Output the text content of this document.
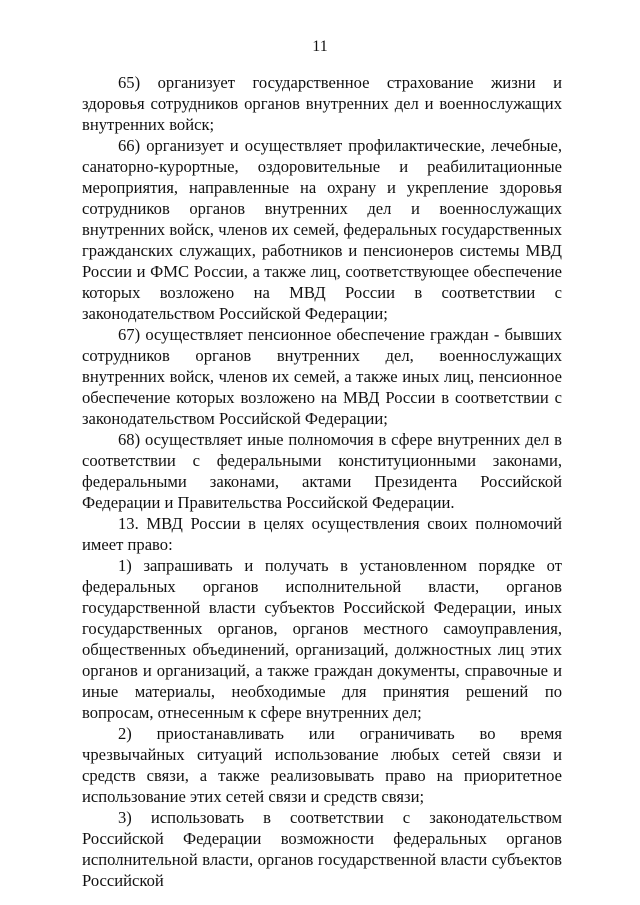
11

65) организует государственное страхование жизни и здоровья сотрудников органов внутренних дел и военнослужащих внутренних войск;

66) организует и осуществляет профилактические, лечебные, санаторно-курортные, оздоровительные и реабилитационные мероприятия, направленные на охрану и укрепление здоровья сотрудников органов внутренних дел и военнослужащих внутренних войск, членов их семей, федеральных государственных гражданских служащих, работников и пенсионеров системы МВД России и ФМС России, а также лиц, соответствующее обеспечение которых возложено на МВД России в соответствии с законодательством Российской Федерации;

67) осуществляет пенсионное обеспечение граждан - бывших сотрудников органов внутренних дел, военнослужащих внутренних войск, членов их семей, а также иных лиц, пенсионное обеспечение которых возложено на МВД России в соответствии с законодательством Российской Федерации;

68) осуществляет иные полномочия в сфере внутренних дел в соответствии с федеральными конституционными законами, федеральными законами, актами Президента Российской Федерации и Правительства Российской Федерации.

13. МВД России в целях осуществления своих полномочий имеет право:

1) запрашивать и получать в установленном порядке от федеральных органов исполнительной власти, органов государственной власти субъектов Российской Федерации, иных государственных органов, органов местного самоуправления, общественных объединений, организаций, должностных лиц этих органов и организаций, а также граждан документы, справочные и иные материалы, необходимые для принятия решений по вопросам, отнесенным к сфере внутренних дел;

2) приостанавливать или ограничивать во время чрезвычайных ситуаций использование любых сетей связи и средств связи, а также реализовывать право на приоритетное использование этих сетей связи и средств связи;

3) использовать в соответствии с законодательством Российской Федерации возможности федеральных органов исполнительной власти, органов государственной власти субъектов Российской
